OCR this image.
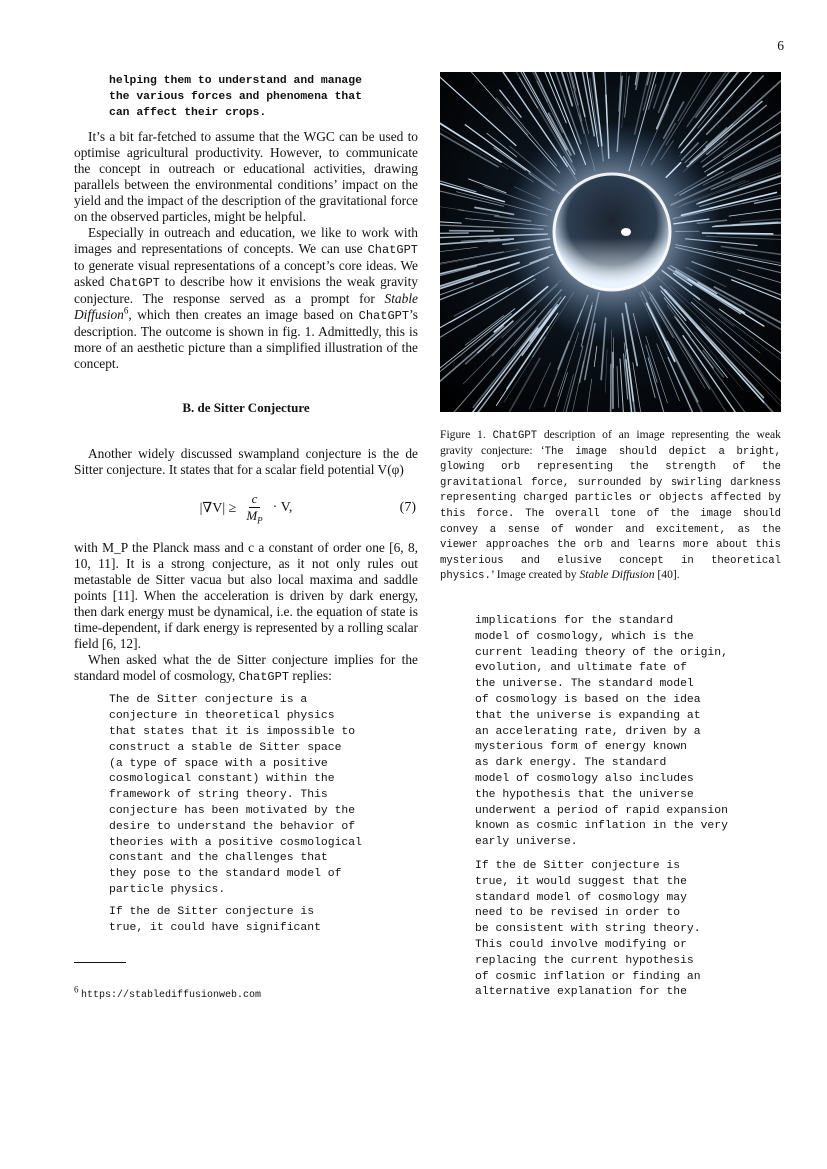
6

helping them to understand and manage
the various forces and phenomena that
can affect their crops.

It’s a bit far-fetched to assume that the WGC can be used to optimise agricultural productivity. However, to communicate the concept in outreach or educational activities, drawing parallels between the environmental conditions’ impact on the yield and the impact of the description of the gravitational force on the observed particles, might be helpful.

Especially in outreach and education, we like to work with images and representations of concepts. We can use ChatGPT to generate visual representations of a concept’s core ideas. We asked ChatGPT to describe how it envisions the weak gravity conjecture. The response served as a prompt for Stable Diffusion$^6$, which then creates an image based on ChatGPT’s description. The outcome is shown in fig. 1. Admittedly, this is more of an aesthetic picture than a simplified illustration of the concept.

B. de Sitter Conjecture

Another widely discussed swampland conjecture is the de Sitter conjecture. It states that for a scalar field potential V(φ)

$|\nabla V| \ge \frac{c}{M_P} \cdot V$,	(7)

with M_P the Planck mass and c a constant of order one [6, 8, 10, 11]. It is a strong conjecture, as it not only rules out metastable de Sitter vacua but also local maxima and saddle points [11]. When the acceleration is driven by dark energy, then dark energy must be dynamical, i.e. the equation of state is time-dependent, if dark energy is represented by a rolling scalar field [6, 12].

When asked what the de Sitter conjecture implies for the standard model of cosmology, ChatGPT replies:

The de Sitter conjecture is a
conjecture in theoretical physics
that states that it is impossible to
construct a stable de Sitter space
(a type of space with a positive
cosmological constant) within the
framework of string theory. This
conjecture has been motivated by the
desire to understand the behavior of
theories with a positive cosmological
constant and the challenges that
they pose to the standard model of
particle physics.

If the de Sitter conjecture is
true, it could have significant

6 https://stablediffusionweb.com
Figure 1. ChatGPT description of an image representing the weak gravity conjecture: ‘The image should depict a bright, glowing orb representing the strength of the gravitational force, surrounded by swirling darkness representing charged particles or objects affected by this force. The overall tone of the image should convey a sense of wonder and excitement, as the viewer approaches the orb and learns more about this mysterious and elusive concept in theoretical physics.’ Image created by Stable Diffusion [40].

implications for the standard
model of cosmology, which is the
current leading theory of the origin,
evolution, and ultimate fate of
the universe. The standard model
of cosmology is based on the idea
that the universe is expanding at
an accelerating rate, driven by a
mysterious form of energy known
as dark energy. The standard
model of cosmology also includes
the hypothesis that the universe
underwent a period of rapid expansion
known as cosmic inflation in the very
early universe.

If the de Sitter conjecture is
true, it would suggest that the
standard model of cosmology may
need to be revised in order to
be consistent with string theory.
This could involve modifying or
replacing the current hypothesis
of cosmic inflation or finding an
alternative explanation for the
